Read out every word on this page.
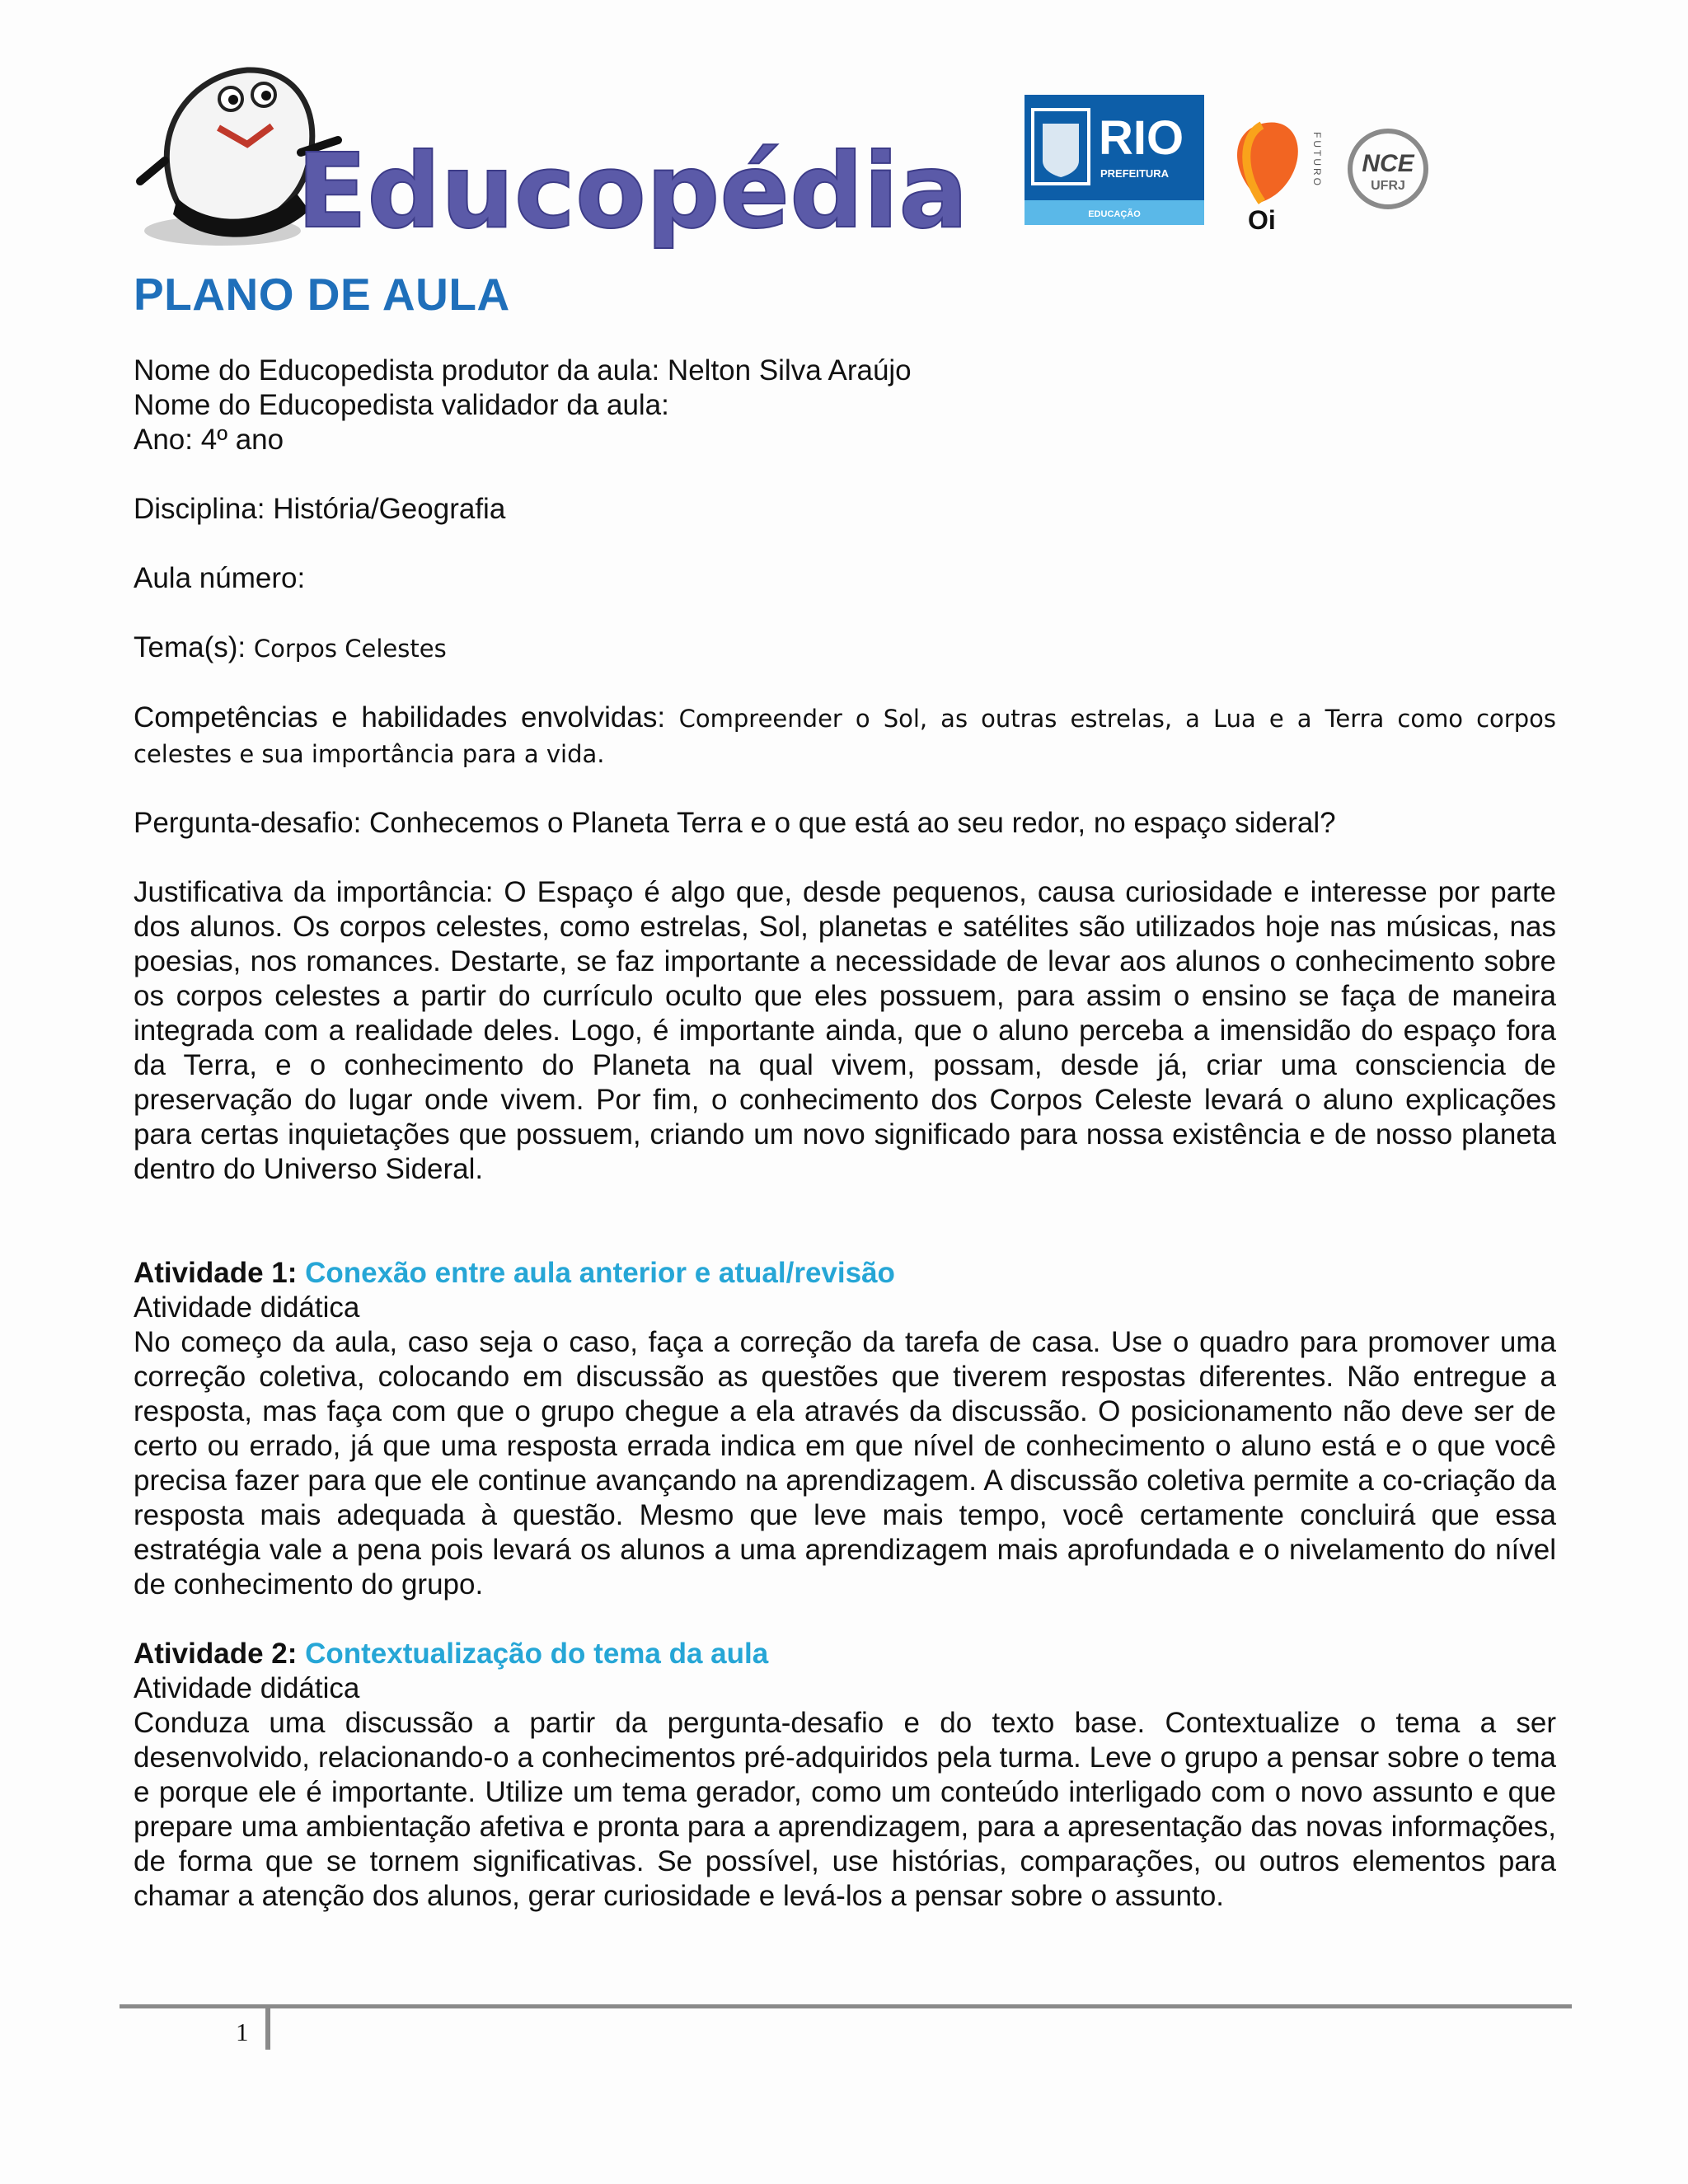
Educopédia	RIO
PREFEITURA
EDUCAÇÃO	Oi
FUTURO NCE
UFRJ
PLANO DE AULA
Nome do Educopedista produtor da aula: Nelton Silva Araújo
Nome do Educopedista validador da aula:
Ano: 4º ano
Disciplina: História/Geografia
Aula número:
Tema(s): Corpos Celestes
Competências e habilidades envolvidas: Compreender o Sol, as outras estrelas, a Lua e a Terra como corpos celestes e sua importância para a vida.
Pergunta-desafio: Conhecemos o Planeta Terra e o que está ao seu redor, no espaço sideral?
Justificativa da importância: O Espaço é algo que, desde pequenos, causa curiosidade e interesse por parte dos alunos. Os corpos celestes, como estrelas, Sol, planetas e satélites são utilizados hoje nas músicas, nas poesias, nos romances. Destarte, se faz importante a necessidade de levar aos alunos o conhecimento sobre os corpos celestes a partir do currículo oculto que eles possuem, para assim o ensino se faça de maneira integrada com a realidade deles. Logo, é importante ainda, que o aluno perceba a imensidão do espaço fora da Terra, e o conhecimento do Planeta na qual vivem, possam, desde já, criar uma consciencia de preservação do lugar onde vivem. Por fim, o conhecimento dos Corpos Celeste levará o aluno explicações para certas inquietações que possuem, criando um novo significado para nossa existência e de nosso planeta dentro do Universo Sideral.
Atividade 1: Conexão entre aula anterior e atual/revisão
Atividade didática
No começo da aula, caso seja o caso, faça a correção da tarefa de casa. Use o quadro para promover uma correção coletiva, colocando em discussão as questões que tiverem respostas diferentes. Não entregue a resposta, mas faça com que o grupo chegue a ela através da discussão. O posicionamento não deve ser de certo ou errado, já que uma resposta errada indica em que nível de conhecimento o aluno está e o que você precisa fazer para que ele continue avançando na aprendizagem. A discussão coletiva permite a co-criação da resposta mais adequada à questão. Mesmo que leve mais tempo, você certamente concluirá que essa estratégia vale a pena pois levará os alunos a uma aprendizagem mais aprofundada e o nivelamento do nível de conhecimento do grupo.
Atividade 2: Contextualização do tema da aula
Atividade didática
Conduza uma discussão a partir da pergunta-desafio e do texto base. Contextualize o tema a ser desenvolvido, relacionando-o a conhecimentos pré-adquiridos pela turma. Leve o grupo a pensar sobre o tema e porque ele é importante. Utilize um tema gerador, como um conteúdo interligado com o novo assunto e que prepare uma ambientação afetiva e pronta para a aprendizagem, para a apresentação das novas informações, de forma que se tornem significativas. Se possível, use histórias, comparações, ou outros elementos para chamar a atenção dos alunos, gerar curiosidade e levá-los a pensar sobre o assunto.
1
